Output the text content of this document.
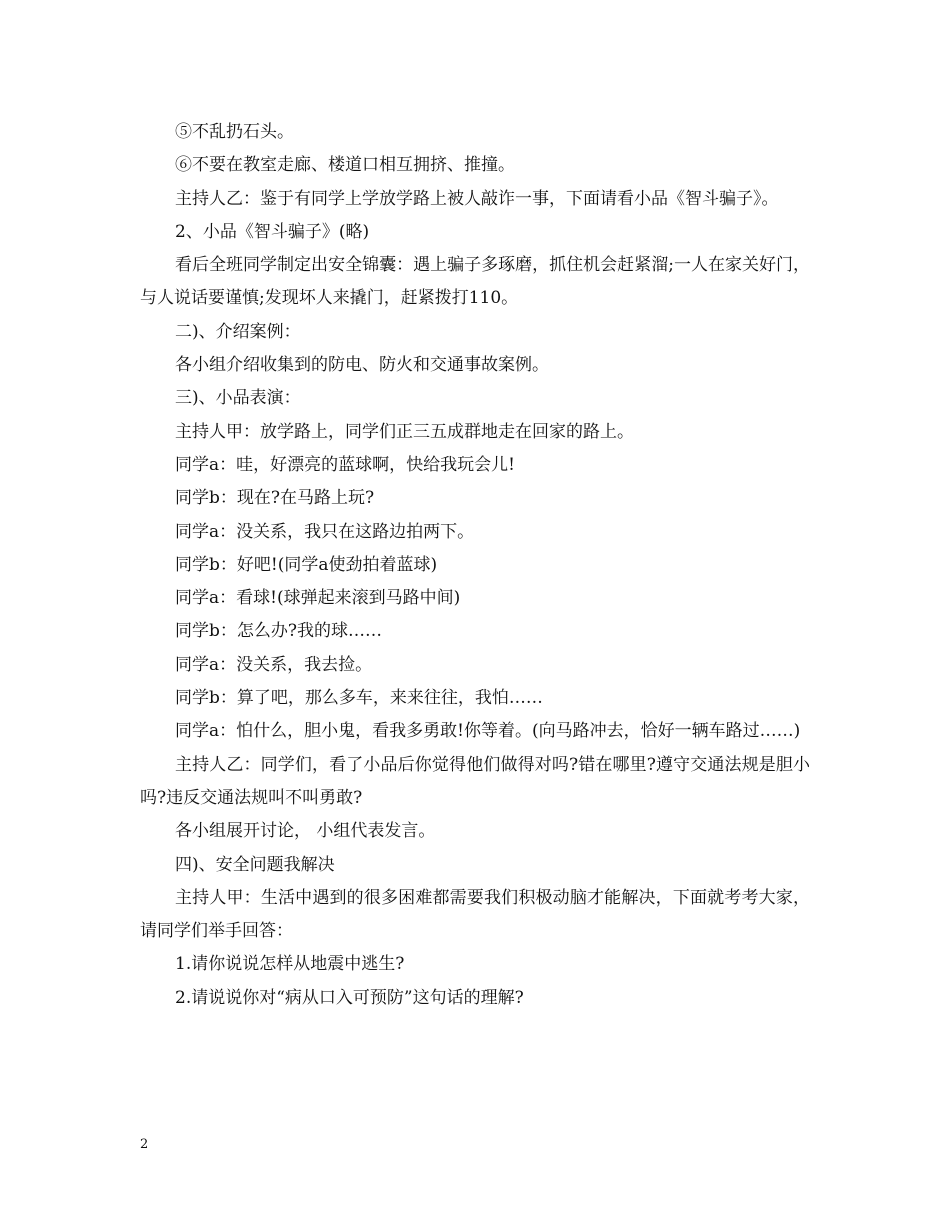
⑤不乱扔石头。

⑥不要在教室走廊、楼道口相互拥挤、推撞。

主持人乙：鉴于有同学上学放学路上被人敲诈一事，下面请看小品《智斗骗子》。

2、小品《智斗骗子》(略)

看后全班同学制定出安全锦囊：遇上骗子多琢磨，抓住机会赶紧溜;一人在家关好门，与人说话要谨慎;发现坏人来撬门，赶紧拨打110。

二)、介绍案例：

各小组介绍收集到的防电、防火和交通事故案例。

三)、小品表演：

主持人甲：放学路上，同学们正三五成群地走在回家的路上。

同学a：哇，好漂亮的蓝球啊，快给我玩会儿!

同学b：现在?在马路上玩?

同学a：没关系，我只在这路边拍两下。

同学b：好吧!(同学a使劲拍着蓝球)

同学a：看球!(球弹起来滚到马路中间)

同学b：怎么办?我的球……

同学a：没关系，我去捡。

同学b：算了吧，那么多车，来来往往，我怕……

同学a：怕什么，胆小鬼，看我多勇敢!你等着。(向马路冲去，恰好一辆车路过……)

主持人乙：同学们，看了小品后你觉得他们做得对吗?错在哪里?遵守交通法规是胆小吗?违反交通法规叫不叫勇敢?

各小组展开讨论， 小组代表发言。

四)、安全问题我解决

主持人甲：生活中遇到的很多困难都需要我们积极动脑才能解决，下面就考考大家，请同学们举手回答：

1.请你说说怎样从地震中逃生?

2.请说说你对“病从口入可预防”这句话的理解?

2
